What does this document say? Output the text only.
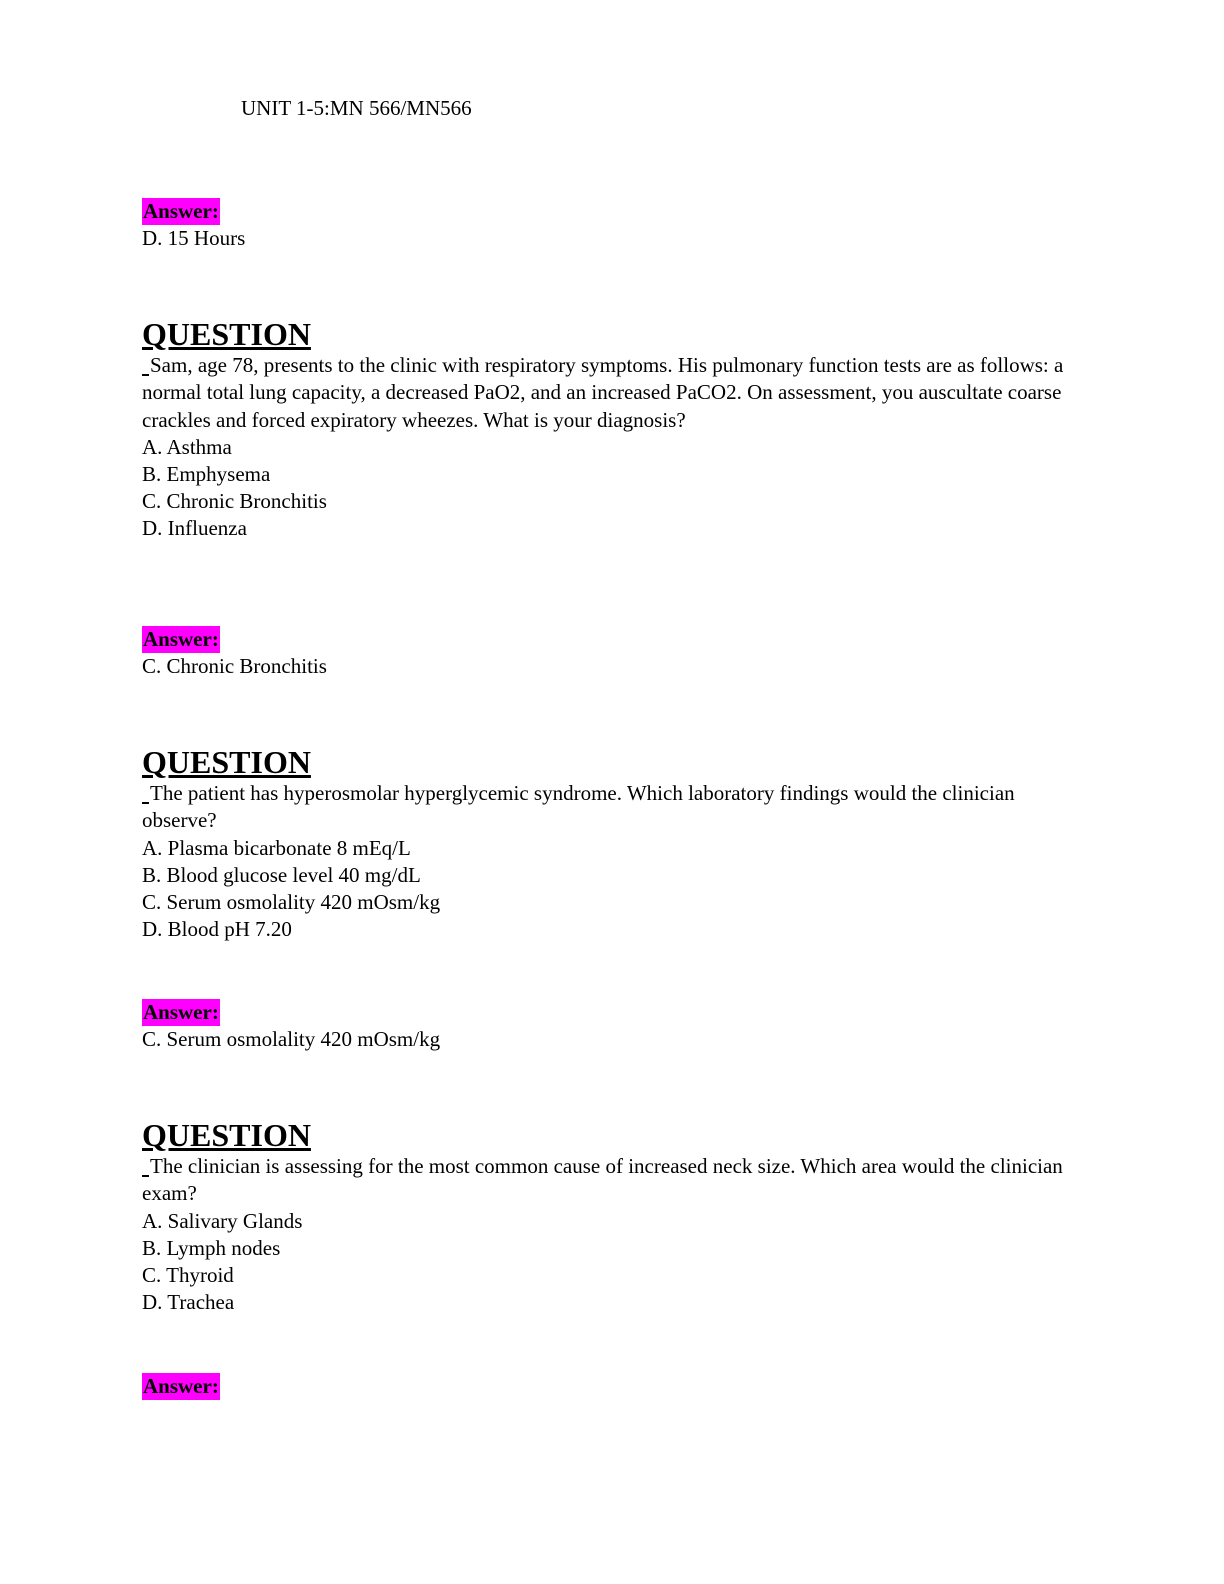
UNIT 1-5:MN 566/MN566
Answer:
D. 15 Hours
QUESTION

Sam, age 78, presents to the clinic with respiratory symptoms. His pulmonary function tests are as follows: a normal total lung capacity, a decreased PaO2, and an increased PaCO2. On assessment, you auscultate coarse crackles and forced expiratory wheezes. What is your diagnosis?

A. Asthma
B. Emphysema
C. Chronic Bronchitis
D. Influenza
Answer:
C. Chronic Bronchitis
QUESTION

The patient has hyperosmolar hyperglycemic syndrome. Which laboratory findings would the clinician observe?

A. Plasma bicarbonate 8 mEq/L
B. Blood glucose level 40 mg/dL
C. Serum osmolality 420 mOsm/kg
D. Blood pH 7.20
Answer:
C. Serum osmolality 420 mOsm/kg
QUESTION

The clinician is assessing for the most common cause of increased neck size. Which area would the clinician exam?

A. Salivary Glands
B. Lymph nodes
C. Thyroid
D. Trachea
Answer:
